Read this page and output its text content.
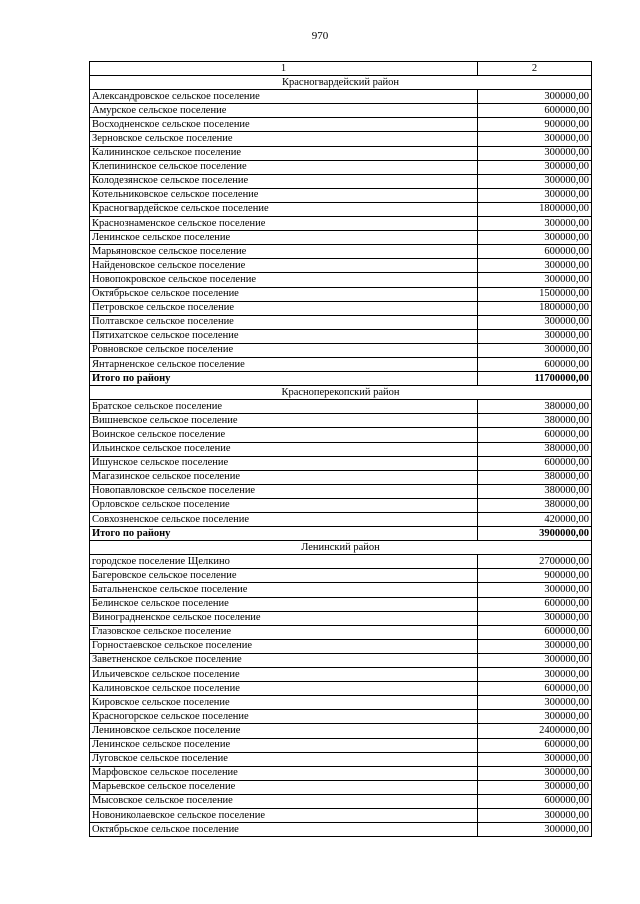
970
1	2
Красногвардейский район	
Александровское сельское поселение	300000,00
Амурское сельское поселение	600000,00
Восходненское сельское поселение	900000,00
Зерновское сельское поселение	300000,00
Калининское сельское поселение	300000,00
Клепининское сельское поселение	300000,00
Колодезянское сельское поселение	300000,00
Котельниковское сельское поселение	300000,00
Красногвардейское сельское поселение	1800000,00
Краснознаменское сельское поселение	300000,00
Ленинское сельское поселение	300000,00
Марьяновское сельское поселение	600000,00
Найденовское сельское поселение	300000,00
Новопокровское сельское поселение	300000,00
Октябрьское сельское поселение	1500000,00
Петровское сельское поселение	1800000,00
Полтавское сельское поселение	300000,00
Пятихатское сельское поселение	300000,00
Ровновское сельское поселение	300000,00
Янтарненское сельское поселение	600000,00
Итого по району	11700000,00
Красноперекопский район	
Братское сельское поселение	380000,00
Вишневское сельское поселение	380000,00
Воинское сельское поселение	600000,00
Ильинское сельское поселение	380000,00
Ишунское сельское поселение	600000,00
Магазинское сельское поселение	380000,00
Новопавловское сельское поселение	380000,00
Орловское сельское поселение	380000,00
Совхозненское сельское поселение	420000,00
Итого по району	3900000,00
Ленинский район	
городское поселение Щелкино	2700000,00
Багеровское сельское поселение	900000,00
Батальненское сельское поселение	300000,00
Белинское сельское поселение	600000,00
Виноградненское сельское поселение	300000,00
Глазовское сельское поселение	600000,00
Горностаевское сельское поселение	300000,00
Заветненское сельское поселение	300000,00
Ильичевское сельское поселение	300000,00
Калиновское сельское поселение	600000,00
Кировское сельское поселение	300000,00
Красногорское сельское поселение	300000,00
Лениновское сельское поселение	2400000,00
Ленинское сельское поселение	600000,00
Луговское сельское поселение	300000,00
Марфовское сельское поселение	300000,00
Марьевское сельское поселение	300000,00
Мысовское сельское поселение	600000,00
Новониколаевское сельское поселение	300000,00
Октябрьское сельское поселение	300000,00
